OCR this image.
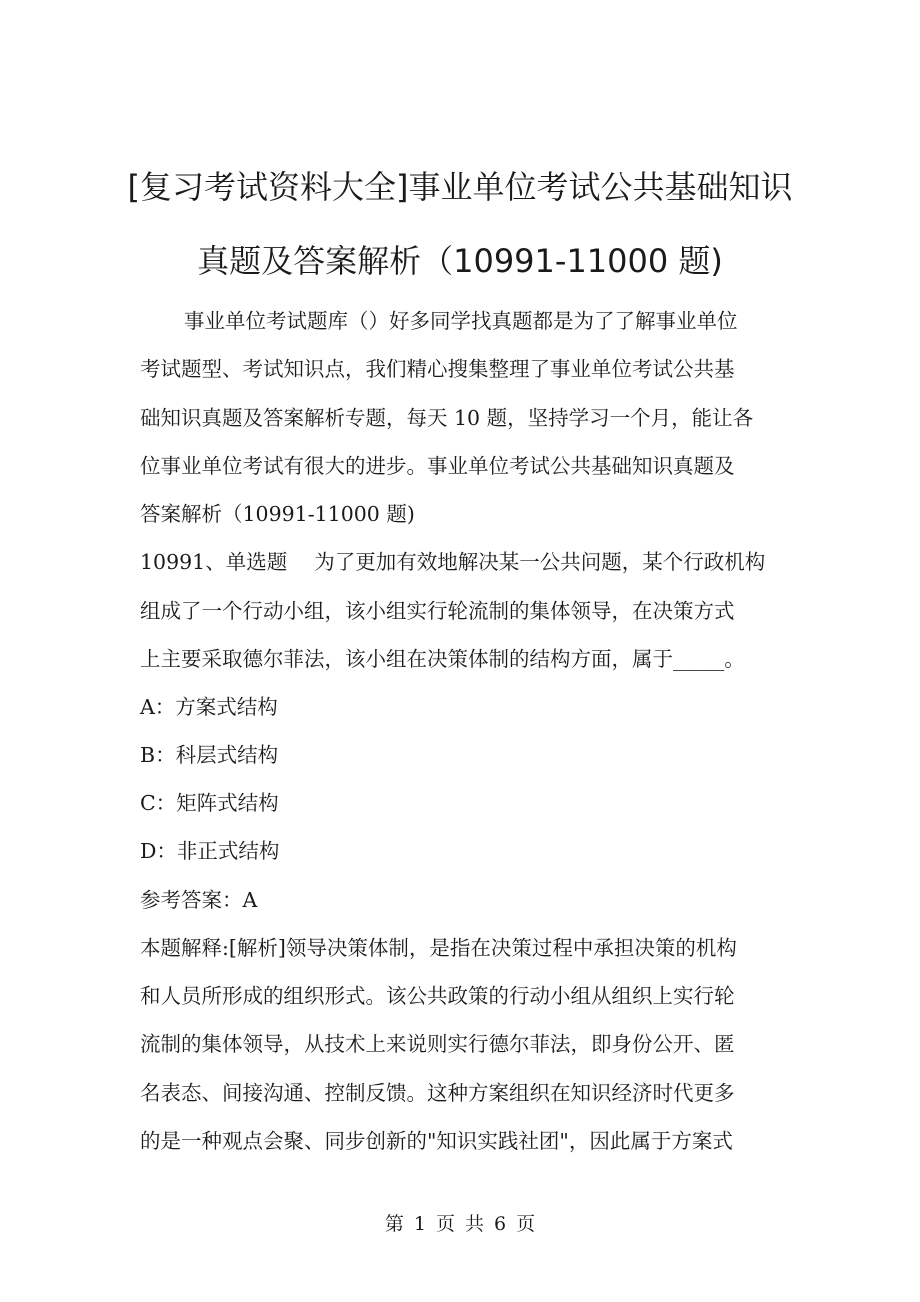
[复习考试资料大全]事业单位考试公共基础知识
真题及答案解析（10991-11000 题)

事业单位考试题库（）好多同学找真题都是为了了解事业单位

考试题型、考试知识点，我们精心搜集整理了事业单位考试公共基

础知识真题及答案解析专题，每天 10 题，坚持学习一个月，能让各

位事业单位考试有很大的进步。事业单位考试公共基础知识真题及

答案解析（10991-11000 题)

10991、单选题　 为了更加有效地解决某一公共问题，某个行政机构

组成了一个行动小组，该小组实行轮流制的集体领导，在决策方式

上主要采取德尔菲法，该小组在决策体制的结构方面，属于_____。

A：方案式结构

B：科层式结构

C：矩阵式结构

D：非正式结构

参考答案：A

本题解释:[解析]领导决策体制，是指在决策过程中承担决策的机构

和人员所形成的组织形式。该公共政策的行动小组从组织上实行轮

流制的集体领导，从技术上来说则实行德尔菲法，即身份公开、匿

名表态、间接沟通、控制反馈。这种方案组织在知识经济时代更多

的是一种观点会聚、同步创新的"知识实践社团"，因此属于方案式

第 1 页 共 6 页
